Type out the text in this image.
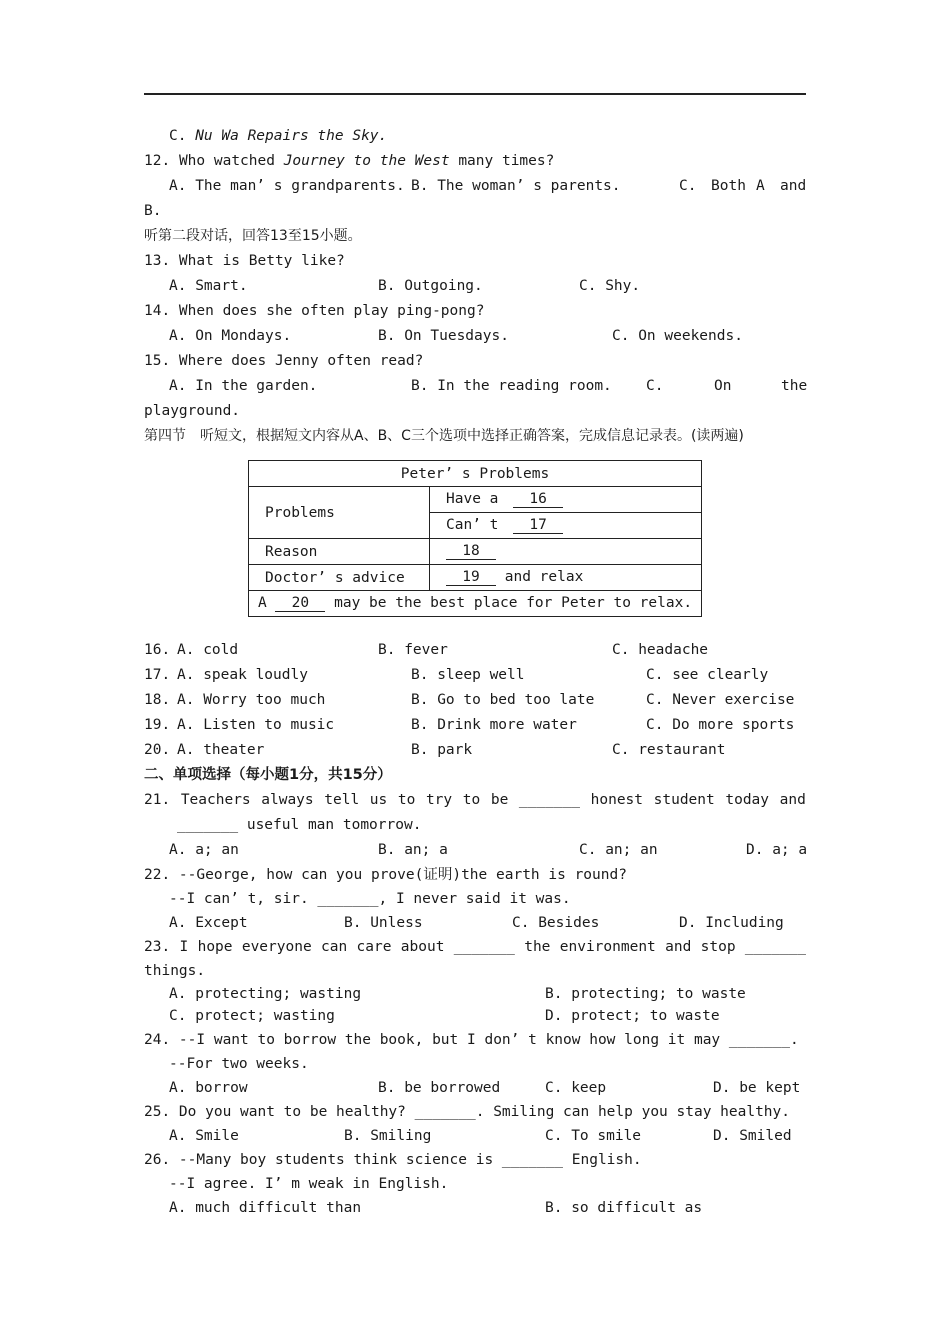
C. Nu Wa Repairs the Sky.
12. Who watched Journey to the West many times?
A. The man’ s grandparents. B. The woman’ s parents.	C. Both A and
B.
听第二段对话，回答13至15小题。
13. What is Betty like?
A. Smart.	B. Outgoing.	C. Shy.
14. When does she often play ping-pong?
A. On Mondays.	B. On Tuesdays.	C. On weekends.
15. Where does Jenny often read?
A. In the garden.	B. In the reading room. C.	On	the
playground.
第四节　听短文，根据短文内容从A、B、C三个选项中选择正确答案，完成信息记录表。(读两遍)
16. A. cold	B. fever	C. headache
17. A. speak loudly	B. sleep well	C. see clearly
18. A. Worry too much	B. Go to bed too late	C. Never exercise
19. A. Listen to music	B. Drink more water	C. Do more sports
20. A. theater	B. park	C. restaurant
二、单项选择（每小题1分，共15分）
21. Teachers always tell us to try to be _______ honest student today and
_______ useful man tomorrow.
A. a; an	B. an; a	C. an; an	D. a; a
22. --George, how can you prove(证明)the earth is round?
--I can’ t, sir. _______, I never said it was.
A. Except	B. Unless	C. Besides	D. Including
23. I hope everyone can care about _______ the environment and stop _______
things.
A. protecting; wasting	B. protecting; to waste
C. protect; wasting	D. protect; to waste
24. --I want to borrow the book, but I don’ t know how long it may _______.
--For two weeks.
A. borrow	B. be borrowed	C. keep	D. be kept
25. Do you want to be healthy? _______. Smiling can help you stay healthy.
A. Smile	B. Smiling	C. To smile	D. Smiled
26. --Many boy students think science is _______ English.
--I agree. I’ m weak in English.
A. much difficult than	B. so difficult as
Peter’ s Problems	
Problems	Have a 16
	Can’ t 17
Reason	18
Doctor’ s advice	19 and relax
A 20 may be the best place for Peter to relax.	
